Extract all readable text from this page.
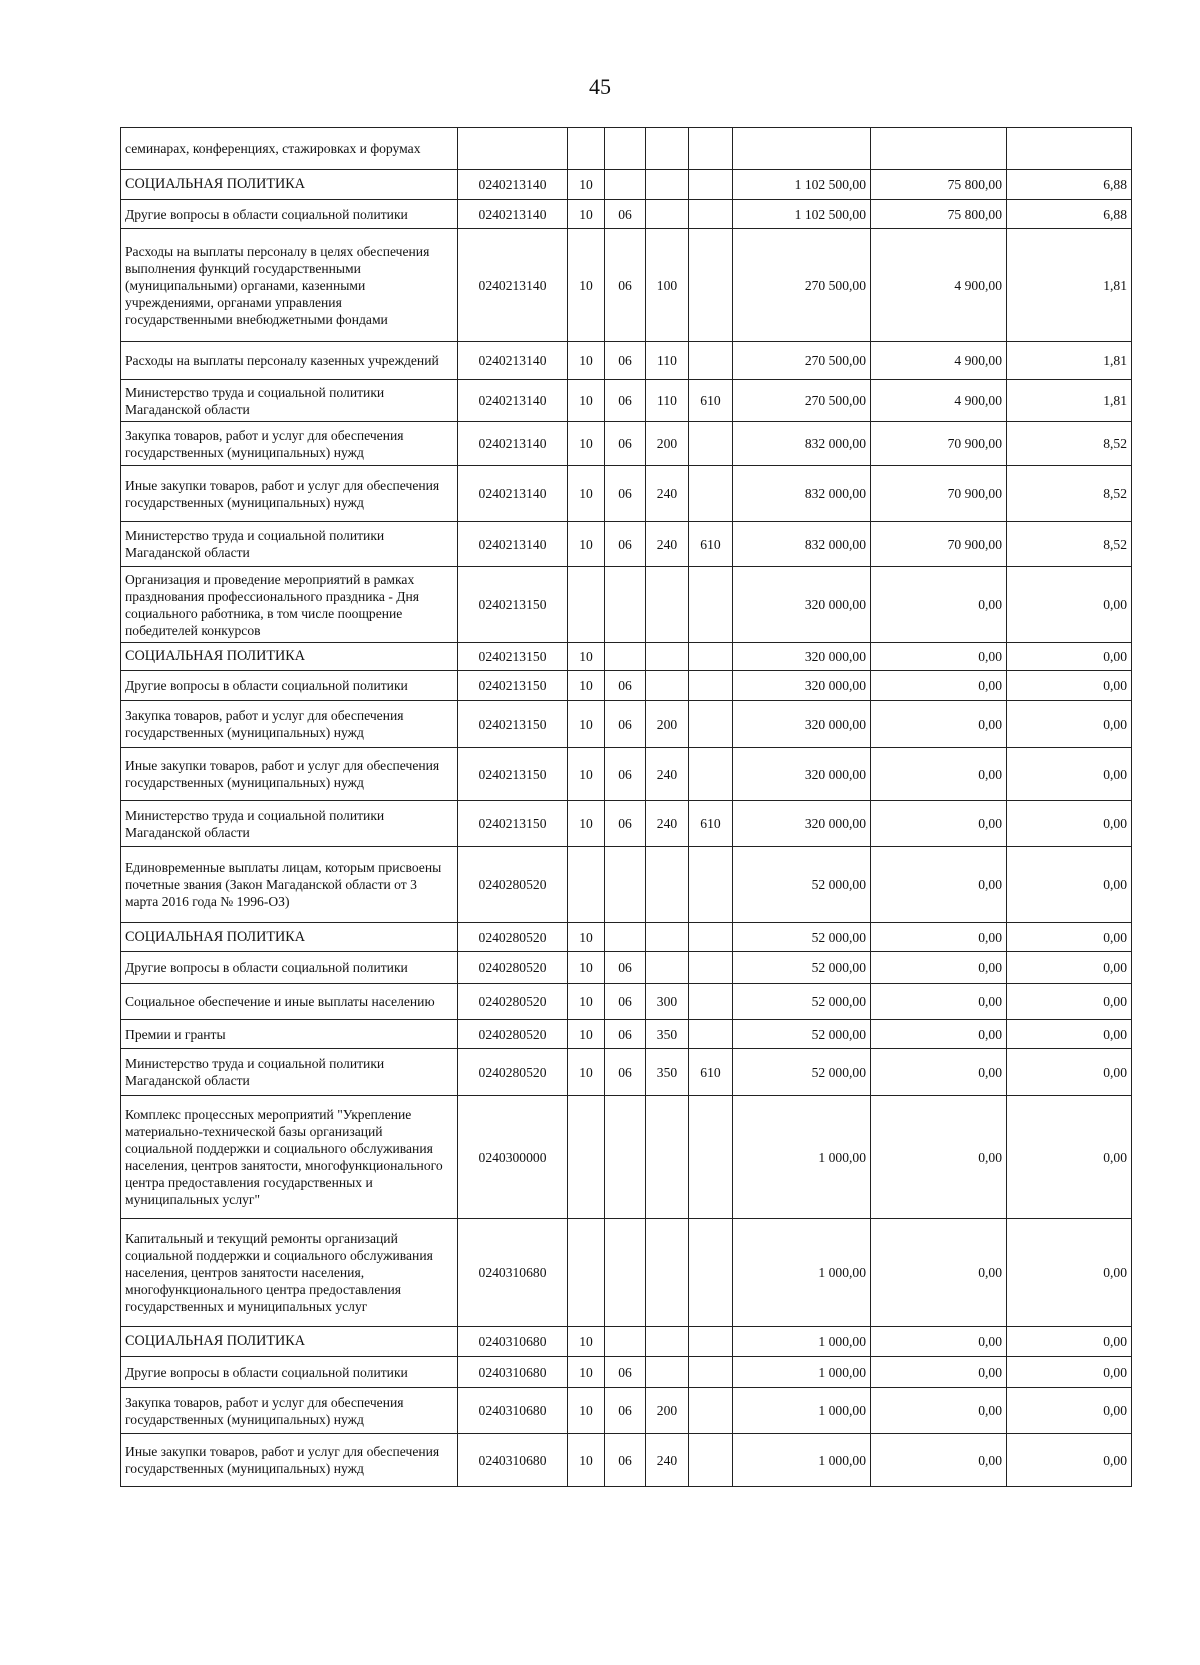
45
семинарах, конференциях, стажировках и форумах								
СОЦИАЛЬНАЯ ПОЛИТИКА	0240213140	10				1 102 500,00	75 800,00	6,88
Другие вопросы в области социальной политики	0240213140	10	06			1 102 500,00	75 800,00	6,88
Расходы на выплаты персоналу в целях обеспечения выполнения функций государственными (муниципальными) органами, казенными учреждениями, органами управления государственными внебюджетными фондами	0240213140	10	06	100		270 500,00	4 900,00	1,81
Расходы на выплаты персоналу казенных учреждений	0240213140	10	06	110		270 500,00	4 900,00	1,81
Министерство труда и социальной политики Магаданской области	0240213140	10	06	110	610	270 500,00	4 900,00	1,81
Закупка товаров, работ и услуг для обеспечения государственных (муниципальных) нужд	0240213140	10	06	200		832 000,00	70 900,00	8,52
Иные закупки товаров, работ и услуг для обеспечения государственных (муниципальных) нужд	0240213140	10	06	240		832 000,00	70 900,00	8,52
Министерство труда и социальной политики Магаданской области	0240213140	10	06	240	610	832 000,00	70 900,00	8,52
Организация и проведение мероприятий в рамках празднования профессионального праздника - Дня социального работника, в том числе поощрение победителей конкурсов	0240213150					320 000,00	0,00	0,00
СОЦИАЛЬНАЯ ПОЛИТИКА	0240213150	10				320 000,00	0,00	0,00
Другие вопросы в области социальной политики	0240213150	10	06			320 000,00	0,00	0,00
Закупка товаров, работ и услуг для обеспечения государственных (муниципальных) нужд	0240213150	10	06	200		320 000,00	0,00	0,00
Иные закупки товаров, работ и услуг для обеспечения государственных (муниципальных) нужд	0240213150	10	06	240		320 000,00	0,00	0,00
Министерство труда и социальной политики Магаданской области	0240213150	10	06	240	610	320 000,00	0,00	0,00
Единовременные выплаты лицам, которым присвоены почетные звания (Закон Магаданской области от 3 марта 2016 года № 1996-ОЗ)	0240280520					52 000,00	0,00	0,00
СОЦИАЛЬНАЯ ПОЛИТИКА	0240280520	10				52 000,00	0,00	0,00
Другие вопросы в области социальной политики	0240280520	10	06			52 000,00	0,00	0,00
Социальное обеспечение и иные выплаты населению	0240280520	10	06	300		52 000,00	0,00	0,00
Премии и гранты	0240280520	10	06	350		52 000,00	0,00	0,00
Министерство труда и социальной политики Магаданской области	0240280520	10	06	350	610	52 000,00	0,00	0,00
Комплекс процессных мероприятий "Укрепление материально-технической базы организаций социальной поддержки и социального обслуживания населения, центров занятости, многофункционального центра предоставления государственных и муниципальных услуг"	0240300000					1 000,00	0,00	0,00
Капитальный и текущий ремонты организаций социальной поддержки и социального обслуживания населения, центров занятости населения, многофункционального центра предоставления государственных и муниципальных услуг	0240310680					1 000,00	0,00	0,00
СОЦИАЛЬНАЯ ПОЛИТИКА	0240310680	10				1 000,00	0,00	0,00
Другие вопросы в области социальной политики	0240310680	10	06			1 000,00	0,00	0,00
Закупка товаров, работ и услуг для обеспечения государственных (муниципальных) нужд	0240310680	10	06	200		1 000,00	0,00	0,00
Иные закупки товаров, работ и услуг для обеспечения государственных (муниципальных) нужд	0240310680	10	06	240		1 000,00	0,00	0,00
